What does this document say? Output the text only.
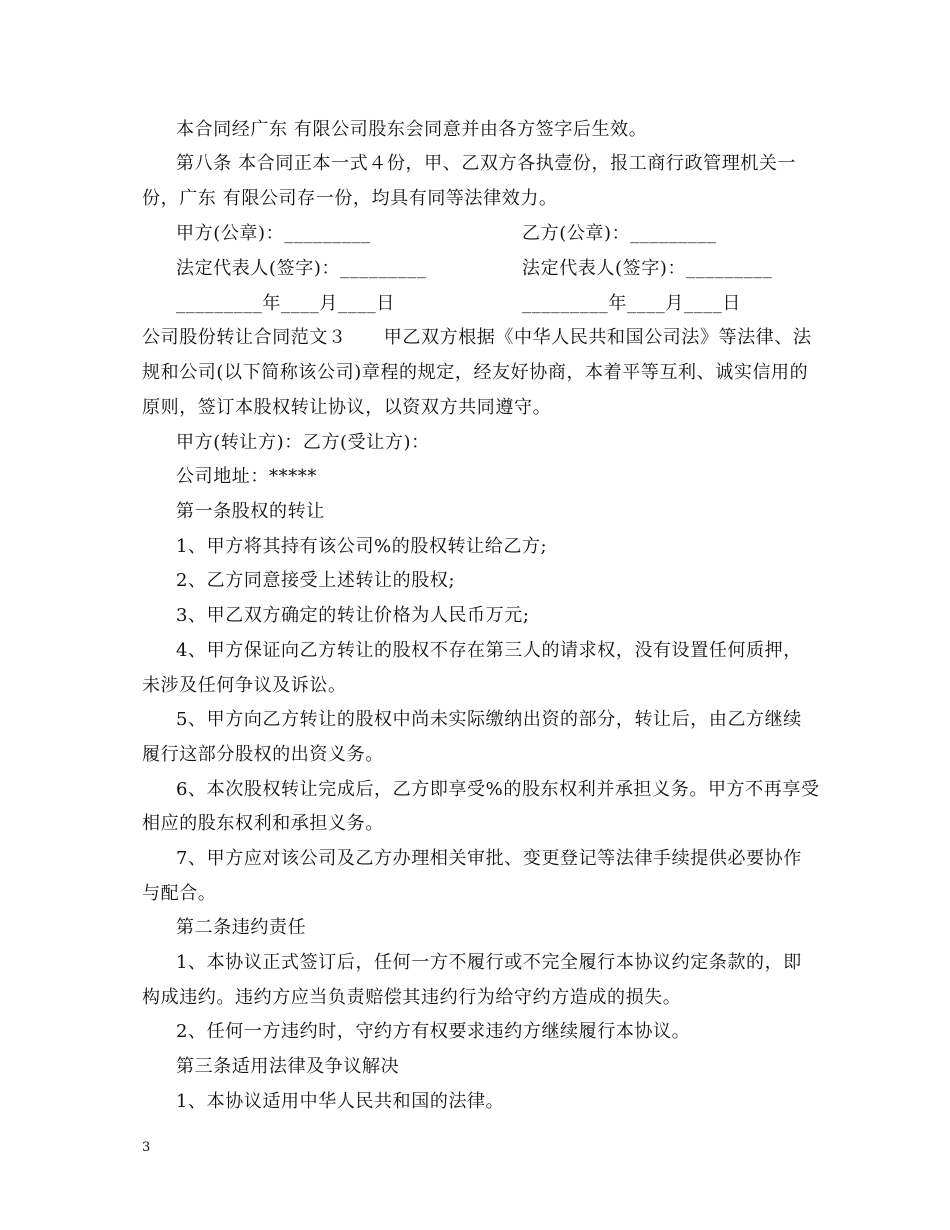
本合同经广东 有限公司股东会同意并由各方签字后生效。
第八条 本合同正本一式４份，甲、乙双方各执壹份，报工商行政管理机关一
份，广东 有限公司存一份，均具有同等法律效力。
甲方(公章)：_________	乙方(公章)：_________
法定代表人(签字)：_________	法定代表人(签字)：_________
_________年____月____日	_________年____月____日
公司股份转让合同范文３　　甲乙双方根据《中华人民共和国公司法》等法律、法
规和公司(以下简称该公司)章程的规定，经友好协商，本着平等互利、诚实信用的
原则，签订本股权转让协议，以资双方共同遵守。
甲方(转让方)：乙方(受让方)：
公司地址：*****
第一条股权的转让
1、甲方将其持有该公司%的股权转让给乙方;
2、乙方同意接受上述转让的股权;
3、甲乙双方确定的转让价格为人民币万元;
4、甲方保证向乙方转让的股权不存在第三人的请求权，没有设置任何质押，
未涉及任何争议及诉讼。
5、甲方向乙方转让的股权中尚未实际缴纳出资的部分，转让后，由乙方继续
履行这部分股权的出资义务。
6、本次股权转让完成后，乙方即享受%的股东权利并承担义务。甲方不再享受
相应的股东权利和承担义务。
7、甲方应对该公司及乙方办理相关审批、变更登记等法律手续提供必要协作
与配合。
第二条违约责任
1、本协议正式签订后，任何一方不履行或不完全履行本协议约定条款的，即
构成违约。违约方应当负责赔偿其违约行为给守约方造成的损失。
2、任何一方违约时，守约方有权要求违约方继续履行本协议。
第三条适用法律及争议解决
1、本协议适用中华人民共和国的法律。
3
